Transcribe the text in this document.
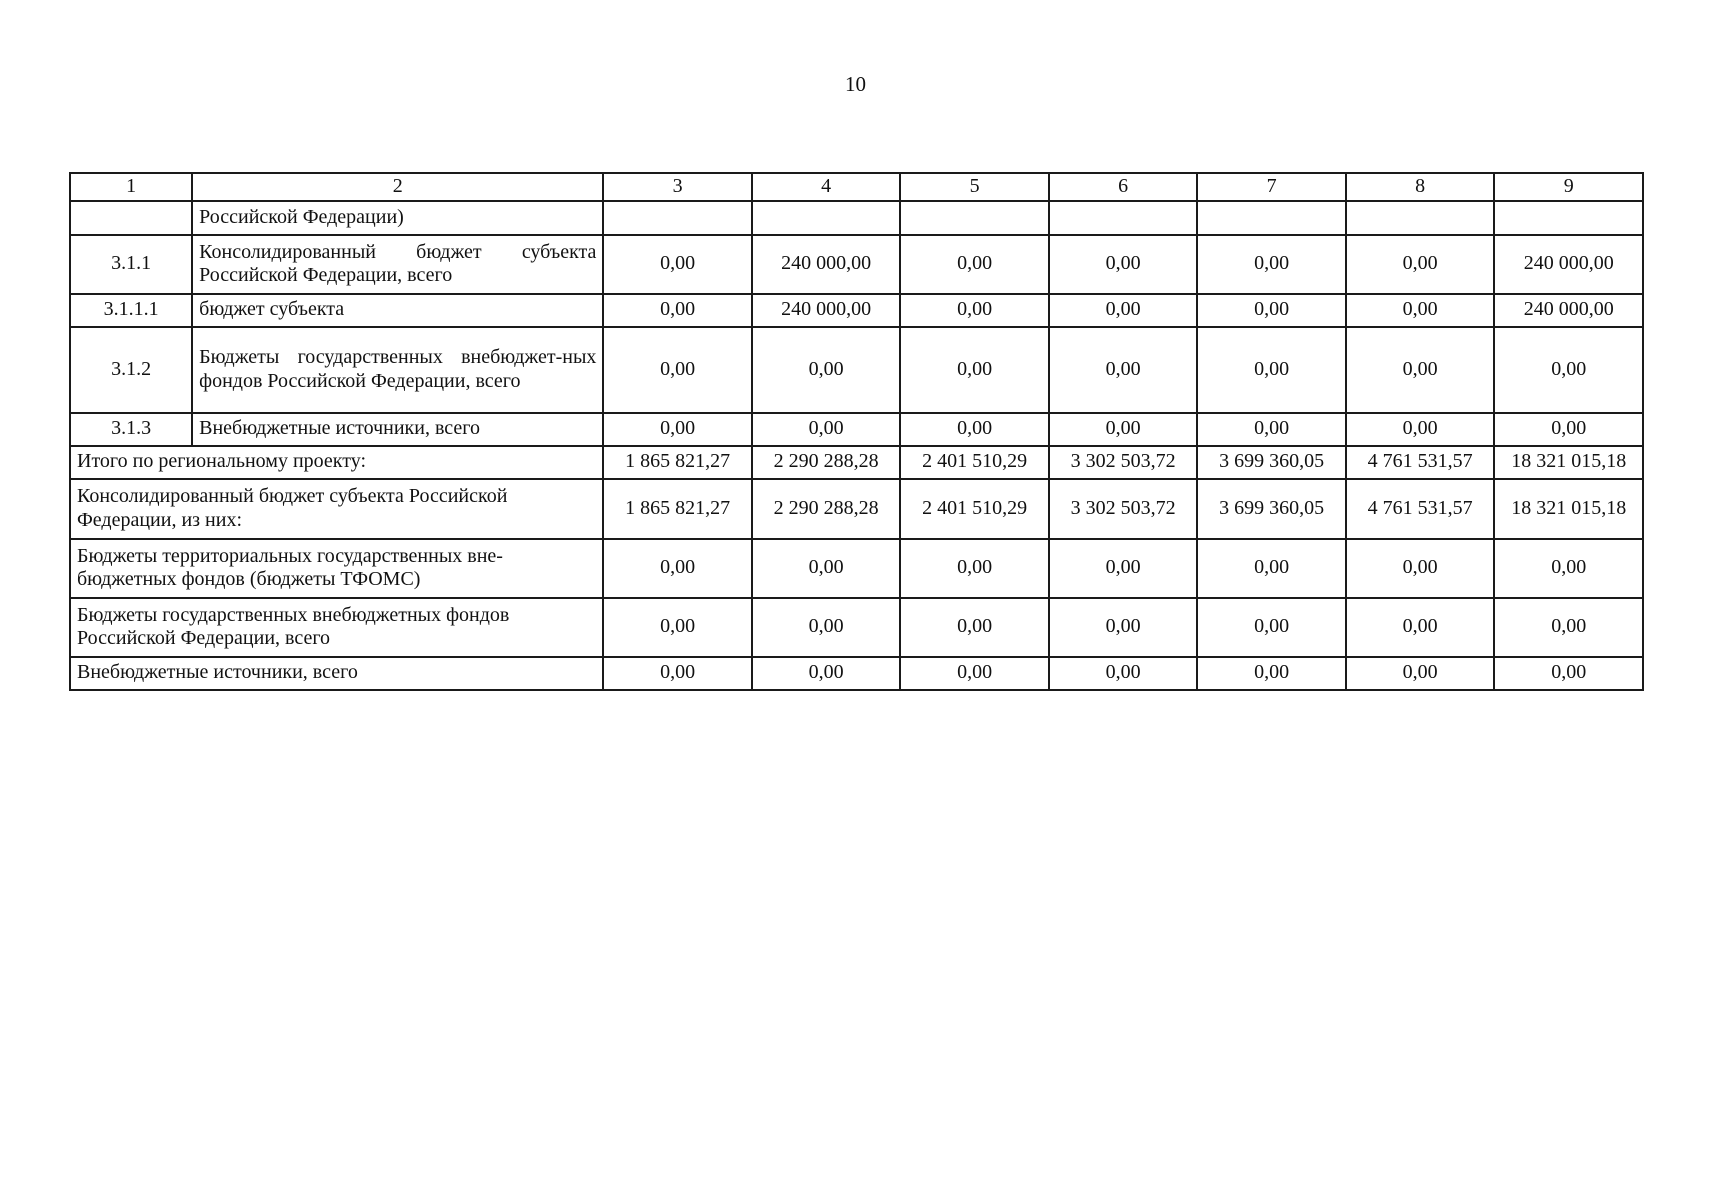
10
1	2	3	4	5	6	7	8	9
	Российской Федерации)							
3.1.1	Консолидированный бюджет субъекта Российской Федерации, всего	0,00	240 000,00	0,00	0,00	0,00	0,00	240 000,00
3.1.1.1	бюджет субъекта	0,00	240 000,00	0,00	0,00	0,00	0,00	240 000,00
3.1.2	Бюджеты государственных внебюджет-ных фондов Российской Федерации, всего	0,00	0,00	0,00	0,00	0,00	0,00	0,00
3.1.3	Внебюджетные источники, всего	0,00	0,00	0,00	0,00	0,00	0,00	0,00
Итого по региональному проекту:		1 865 821,27	2 290 288,28	2 401 510,29	3 302 503,72	3 699 360,05	4 761 531,57	18 321 015,18
Консолидированный бюджет субъекта Российской Федерации, из них:		1 865 821,27	2 290 288,28	2 401 510,29	3 302 503,72	3 699 360,05	4 761 531,57	18 321 015,18
Бюджеты территориальных государственных вне-бюджетных фондов (бюджеты ТФОМС)		0,00	0,00	0,00	0,00	0,00	0,00	0,00
Бюджеты государственных внебюджетных фондов Российской Федерации, всего		0,00	0,00	0,00	0,00	0,00	0,00	0,00
Внебюджетные источники, всего		0,00	0,00	0,00	0,00	0,00	0,00	0,00
